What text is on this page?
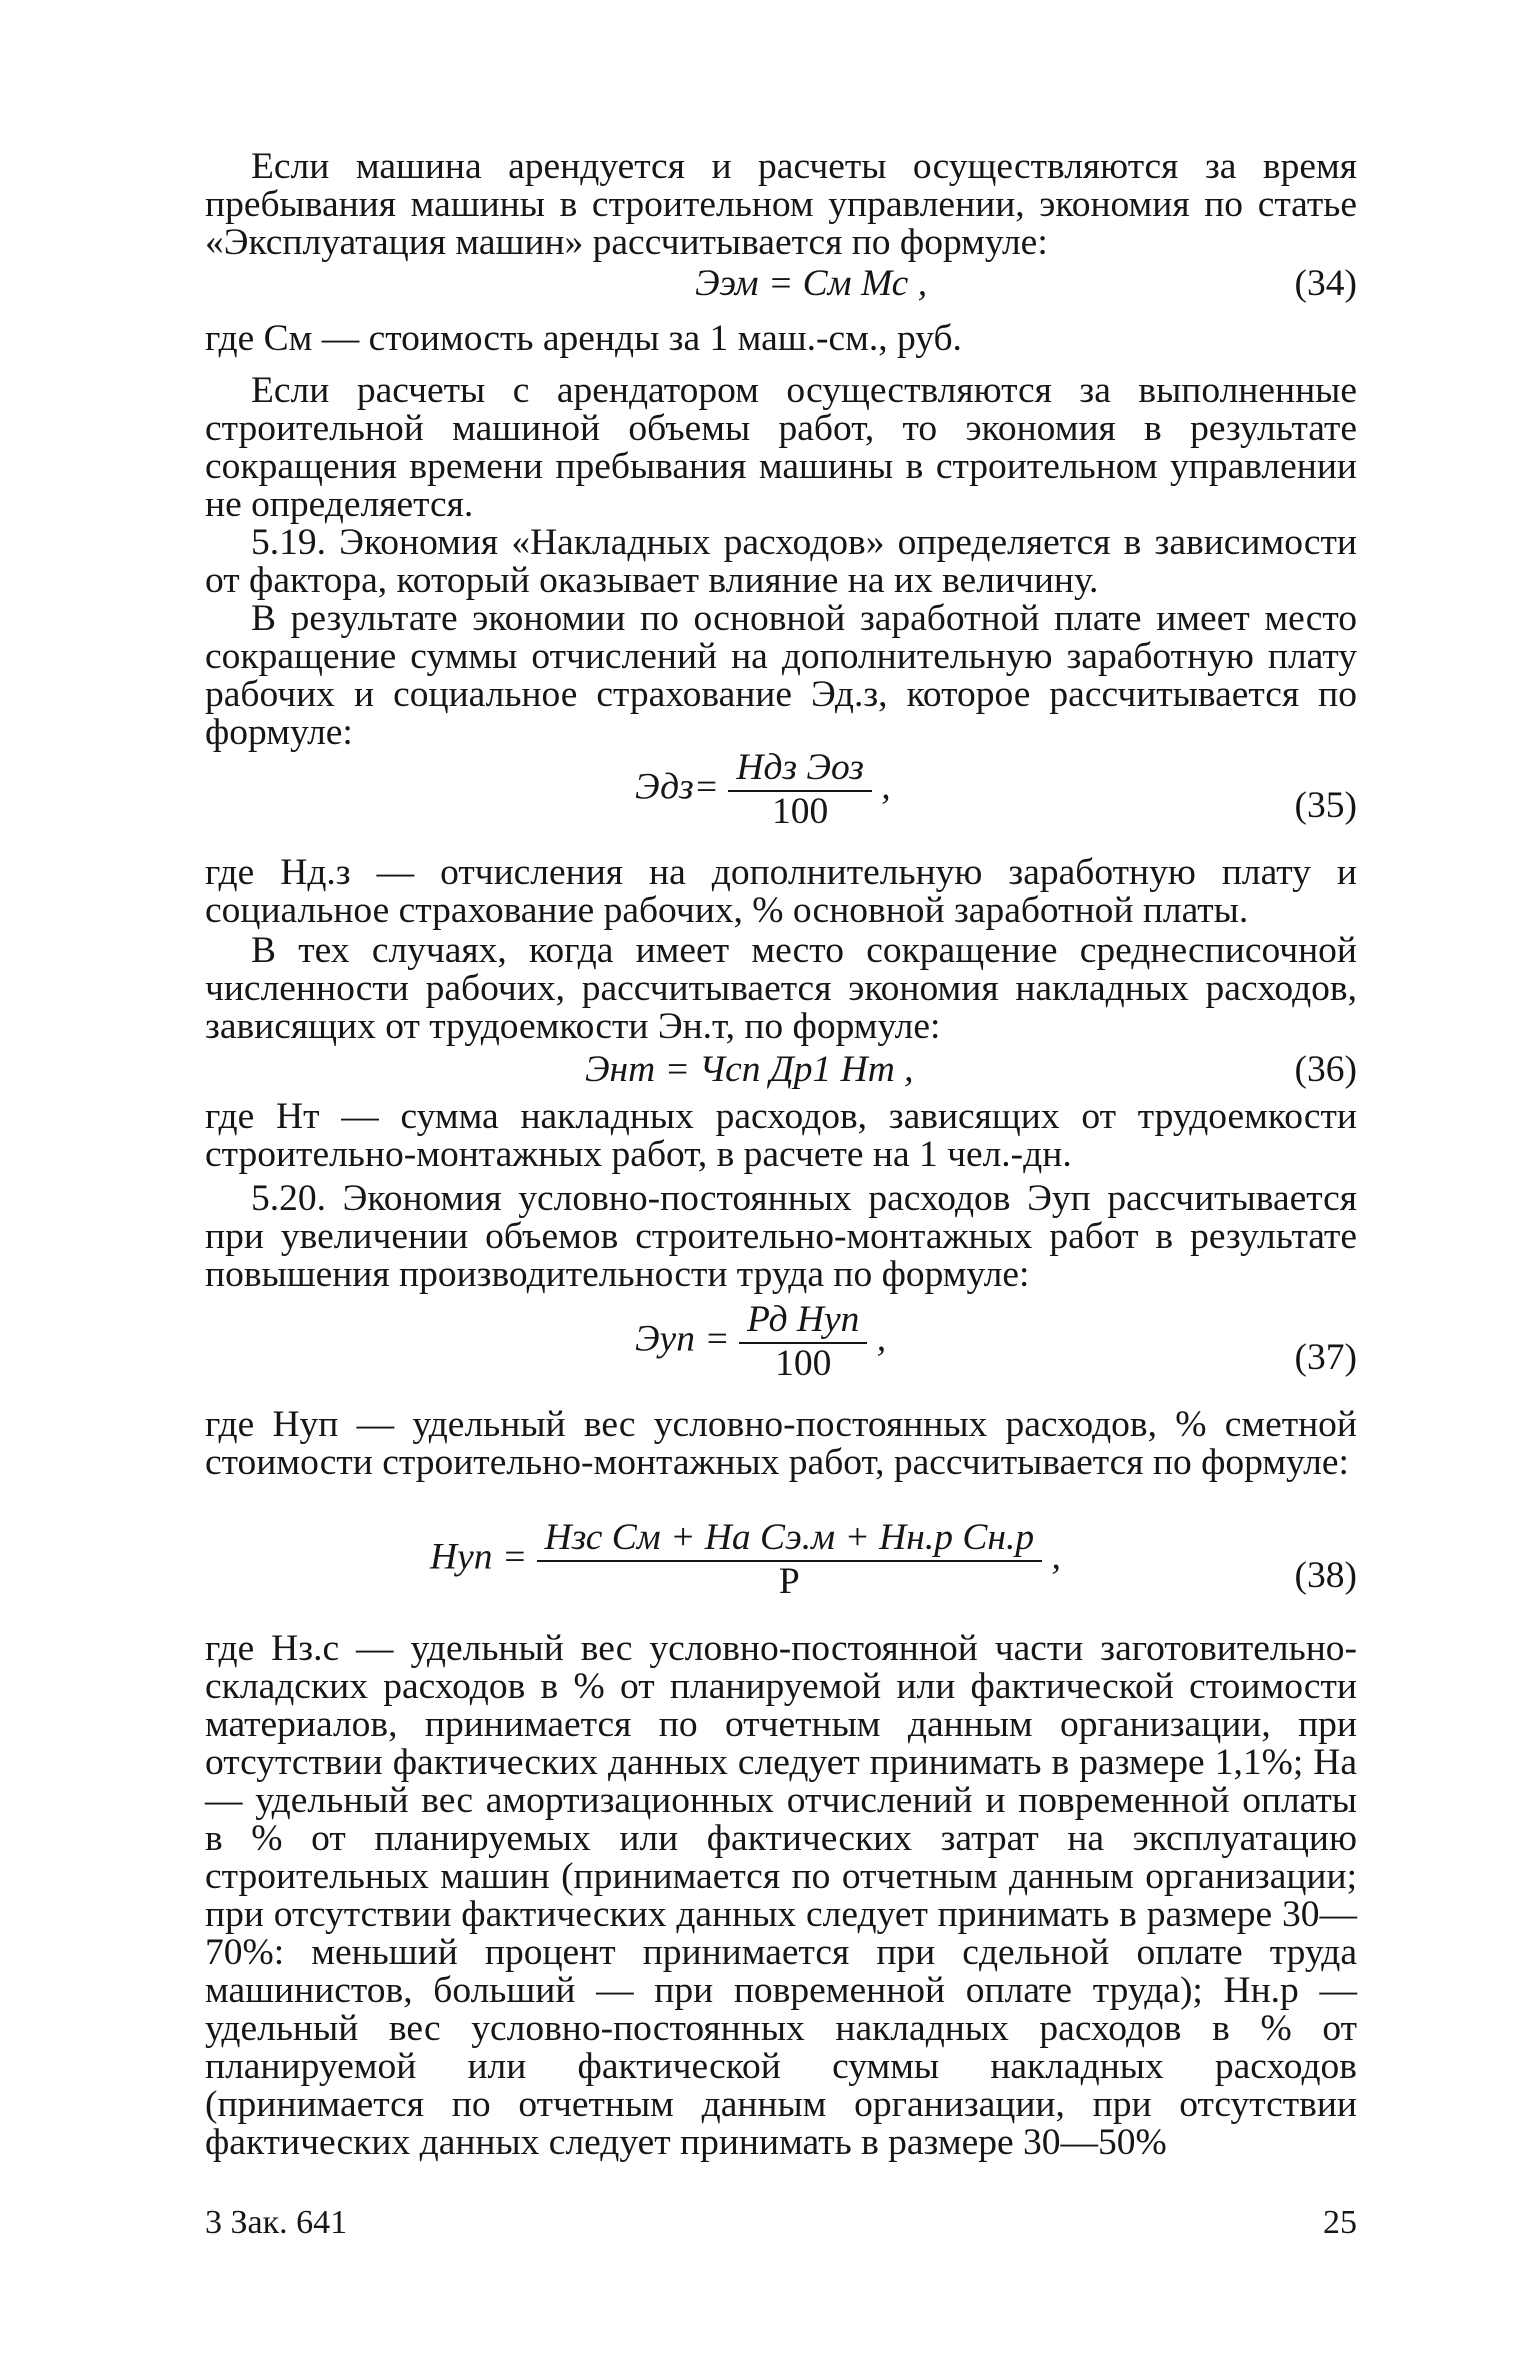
Если машина арендуется и расчеты осуществляются за время пребывания машины в строительном управлении, экономия по статье «Эксплуатация машин» рассчитывается по формуле:

Ээм = См Мс ,	(34)

где См — стоимость аренды за 1 маш.-см., руб.

Если расчеты с арендатором осуществляются за выполненные строительной машиной объемы работ, то экономия в результате сокращения времени пребывания машины в строительном управлении не определяется.

5.19. Экономия «Накладных расходов» определяется в зависимости от фактора, который оказывает влияние на их величину.

В результате экономии по основной заработной плате имеет место сокращение суммы отчислений на дополнительную заработную плату рабочих и социальное страхование Эд.з, которое рассчитывается по формуле:

$Эдз= \frac{\text{Ндз Эоз}}{100}$ ,	(35)

где Нд.з — отчисления на дополнительную заработную плату и социальное страхование рабочих, % основной заработной платы.

В тех случаях, когда имеет место сокращение среднесписочной численности рабочих, рассчитывается экономия накладных расходов, зависящих от трудоемкости Эн.т, по формуле:

Энт = Чсп Др1 Нт ,	(36)

где Нт — сумма накладных расходов, зависящих от трудоемкости строительно-монтажных работ, в расчете на 1 чел.-дн.

5.20. Экономия условно-постоянных расходов Эуп рассчитывается при увеличении объемов строительно-монтажных работ в результате повышения производительности труда по формуле:

Эуп = $\frac{\text{Рд Нуп}}{100}$ ,	(37)

где Нуп — удельный вес условно-постоянных расходов, % сметной стоимости строительно-монтажных работ, рассчитывается по формуле:

Нуп = $\frac{\text{Нзс См + На Сэ.м + Нн.р Сн.р}}{Р}$ ,	(38)

где Нз.с — удельный вес условно-постоянной части заготовительно-складских расходов в % от планируемой или фактической стоимости материалов, принимается по отчетным данным организации, при отсутствии фактических данных следует принимать в размере 1,1%; На — удельный вес амортизационных отчислений и повременной оплаты в % от планируемых или фактических затрат на эксплуатацию строительных машин (принимается по отчетным данным организации; при отсутствии фактических данных следует принимать в размере 30—70%: меньший процент принимается при сдельной оплате труда машинистов, больший — при повременной оплате труда); Нн.р — удельный вес условно-постоянных накладных расходов в % от планируемой или фактической суммы накладных расходов (принимается по отчетным данным организации, при отсутствии фактических данных следует принимать в размере 30—50%

3 Зак. 641	25
